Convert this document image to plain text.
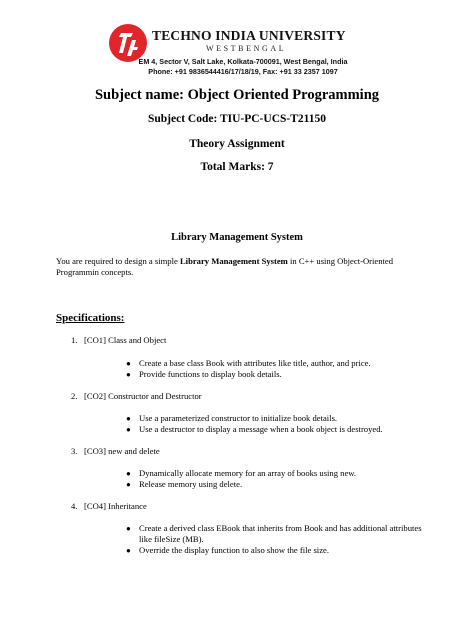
TECHNO INDIA UNIVERSITY
WESTBENGAL
EM 4, Sector V, Salt Lake, Kolkata-700091, West Bengal, India
Phone: +91 9836544416/17/18/19, Fax: +91 33 2357 1097
Subject name: Object Oriented Programming
Subject Code: TIU-PC-UCS-T21150
Theory Assignment
Total Marks: 7
Library Management System
You are required to design a simple Library Management System in C++ using Object-Oriented Programmin concepts.
Specifications:
1. [CO1] Class and Object
● Create a base class Book with attributes like title, author, and price.
● Provide functions to display book details.
2. [CO2] Constructor and Destructor
● Use a parameterized constructor to initialize book details.
● Use a destructor to display a message when a book object is destroyed.
3. [CO3] new and delete
● Dynamically allocate memory for an array of books using new.
● Release memory using delete.
4. [CO4] Inheritance
● Create a derived class EBook that inherits from Book and has additional attributes like fileSize (MB).
● Override the display function to also show the file size.
